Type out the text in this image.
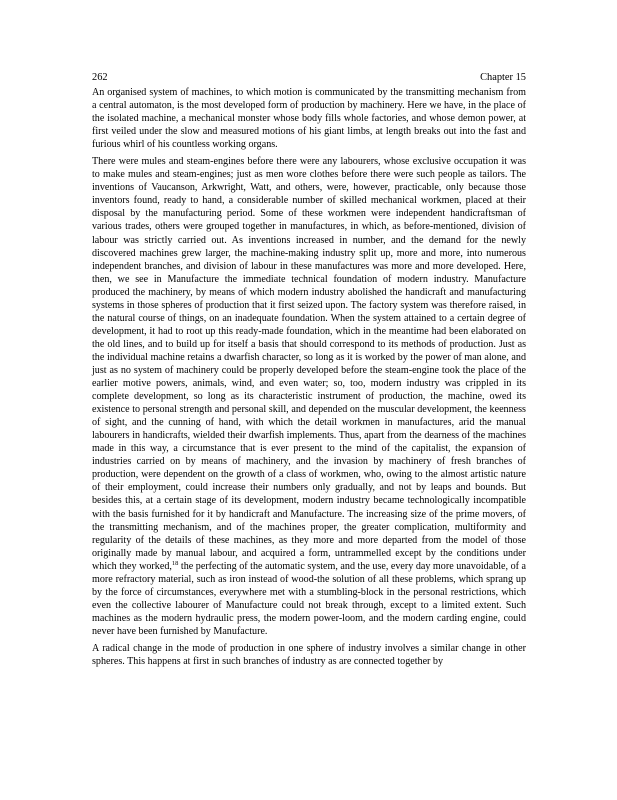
262	Chapter 15

An organised system of machines, to which motion is communicated by the transmitting mechanism from a central automaton, is the most developed form of production by machinery. Here we have, in the place of the isolated machine, a mechanical monster whose body fills whole factories, and whose demon power, at first veiled under the slow and measured motions of his giant limbs, at length breaks out into the fast and furious whirl of his countless working organs.

There were mules and steam-engines before there were any labourers, whose exclusive occupation it was to make mules and steam-engines; just as men wore clothes before there were such people as tailors. The inventions of Vaucanson, Arkwright, Watt, and others, were, however, practicable, only because those inventors found, ready to hand, a considerable number of skilled mechanical workmen, placed at their disposal by the manufacturing period. Some of these workmen were independent handicraftsman of various trades, others were grouped together in manufactures, in which, as before-mentioned, division of labour was strictly carried out. As inventions increased in number, and the demand for the newly discovered machines grew larger, the machine-making industry split up, more and more, into numerous independent branches, and division of labour in these manufactures was more and more developed. Here, then, we see in Manufacture the immediate technical foundation of modern industry. Manufacture produced the machinery, by means of which modern industry abolished the handicraft and manufacturing systems in those spheres of production that it first seized upon. The factory system was therefore raised, in the natural course of things, on an inadequate foundation. When the system attained to a certain degree of development, it had to root up this ready-made foundation, which in the meantime had been elaborated on the old lines, and to build up for itself a basis that should correspond to its methods of production. Just as the individual machine retains a dwarfish character, so long as it is worked by the power of man alone, and just as no system of machinery could be properly developed before the steam-engine took the place of the earlier motive powers, animals, wind, and even water; so, too, modern industry was crippled in its complete development, so long as its characteristic instrument of production, the machine, owed its existence to personal strength and personal skill, and depended on the muscular development, the keenness of sight, and the cunning of hand, with which the detail workmen in manufactures, arid the manual labourers in handicrafts, wielded their dwarfish implements. Thus, apart from the dearness of the machines made in this way, a circumstance that is ever present to the mind of the capitalist, the expansion of industries carried on by means of machinery, and the invasion by machinery of fresh branches of production, were dependent on the growth of a class of workmen, who, owing to the almost artistic nature of their employment, could increase their numbers only gradually, and not by leaps and bounds. But besides this, at a certain stage of its development, modern industry became technologically incompatible with the basis furnished for it by handicraft and Manufacture. The increasing size of the prime movers, of the transmitting mechanism, and of the machines proper, the greater complication, multiformity and regularity of the details of these machines, as they more and more departed from the model of those originally made by manual labour, and acquired a form, untrammelled except by the conditions under which they worked,$^{18}$ the perfecting of the automatic system, and the use, every day more unavoidable, of a more refractory material, such as iron instead of wood-the solution of all these problems, which sprang up by the force of circumstances, everywhere met with a stumbling-block in the personal restrictions, which even the collective labourer of Manufacture could not break through, except to a limited extent. Such machines as the modern hydraulic press, the modern power-loom, and the modern carding engine, could never have been furnished by Manufacture.

A radical change in the mode of production in one sphere of industry involves a similar change in other spheres. This happens at first in such branches of industry as are connected together by
